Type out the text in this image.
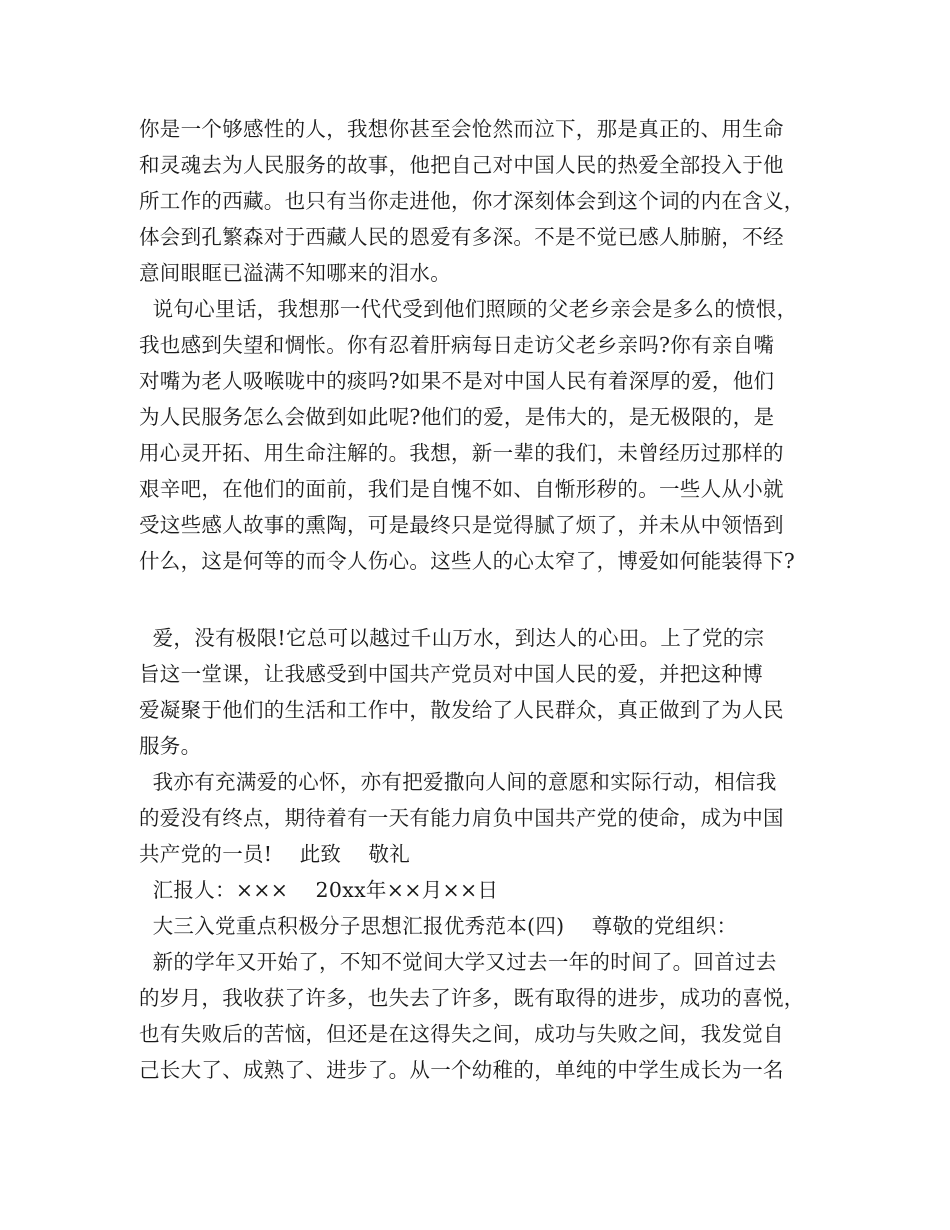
你是一个够感性的人，我想你甚至会怆然而泣下，那是真正的、用生命
和灵魂去为人民服务的故事，他把自己对中国人民的热爱全部投入于他
所工作的西藏。也只有当你走进他，你才深刻体会到这个词的内在含义，
体会到孔繁森对于西藏人民的恩爱有多深。不是不觉已感人肺腑，不经
意间眼眶已溢满不知哪来的泪水。
说句心里话，我想那一代代受到他们照顾的父老乡亲会是多么的愤恨，
我也感到失望和惆怅。你有忍着肝病每日走访父老乡亲吗?你有亲自嘴
对嘴为老人吸喉咙中的痰吗?如果不是对中国人民有着深厚的爱，他们
为人民服务怎么会做到如此呢?他们的爱，是伟大的，是无极限的，是
用心灵开拓、用生命注解的。我想，新一辈的我们，未曾经历过那样的
艰辛吧，在他们的面前，我们是自愧不如、自惭形秽的。一些人从小就
受这些感人故事的熏陶，可是最终只是觉得腻了烦了，并未从中领悟到
什么，这是何等的而令人伤心。这些人的心太窄了，博爱如何能装得下?
爱，没有极限!它总可以越过千山万水，到达人的心田。上了党的宗
旨这一堂课，让我感受到中国共产党员对中国人民的爱，并把这种博
爱凝聚于他们的生活和工作中，散发给了人民群众，真正做到了为人民
服务。
我亦有充满爱的心怀，亦有把爱撒向人间的意愿和实际行动，相信我
的爱没有终点，期待着有一天有能力肩负中国共产党的使命，成为中国
共产党的一员!    此致    敬礼
汇报人：×××    20xx年××月××日
大三入党重点积极分子思想汇报优秀范本(四)    尊敬的党组织：
新的学年又开始了，不知不觉间大学又过去一年的时间了。回首过去
的岁月，我收获了许多，也失去了许多，既有取得的进步，成功的喜悦，
也有失败后的苦恼，但还是在这得失之间，成功与失败之间，我发觉自
己长大了、成熟了、进步了。从一个幼稚的，单纯的中学生成长为一名
